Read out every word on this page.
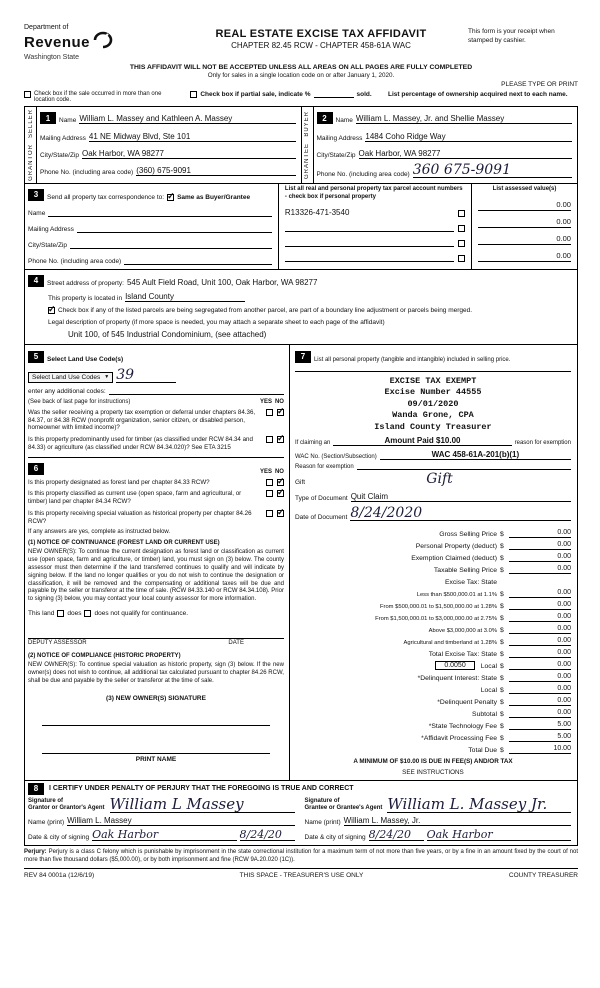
Department of
Revenue
Washington State
REAL ESTATE EXCISE TAX AFFIDAVIT
CHAPTER 82.45 RCW - CHAPTER 458-61A WAC
This form is your receipt when stamped by cashier.
THIS AFFIDAVIT WILL NOT BE ACCEPTED UNLESS ALL AREAS ON ALL PAGES ARE FULLY COMPLETED
Only for sales in a single location code on or after January 1, 2020.
PLEASE TYPE OR PRINT
Check box if the sale occurred in more than one location code.
Check box if partial sale, indicate %	sold.	List percentage of ownership acquired next to each name.
SELLER
GRANTOR
1	Name William L. Massey and Kathleen A. Massey
Mailing Address 41 NE Midway Blvd, Ste 101
City/State/Zip Oak Harbor, WA 98277
Phone No. (including area code) (360) 675-9091
BUYER
GRANTEE
2	Name William L. Massey, Jr. and Shellie Massey
Mailing Address 1484 Coho Ridge Way
City/State/Zip Oak Harbor, WA 98277
Phone No. (including area code) 360 675-9091
3	Send all property tax correspondence to: ✓ Same as Buyer/Grantee
Name
Mailing Address
City/State/Zip
Phone No. (including area code)
List all real and personal property tax parcel account numbers - check box if personal property
R13326-471-3540
List assessed value(s)
0.00
0.00
0.00
0.00
4	Street address of property: 545 Ault Field Road, Unit 100, Oak Harbor, WA 98277
This property is located in Island County
✓
Check box if any of the listed parcels are being segregated from another parcel, are part of a boundary line adjustment or parcels being merged.
Legal description of property (if more space is needed, you may attach a separate sheet to each page of the affidavit)
Unit 100, of 545 Industrial Condominium, (see attached)
5	Select Land Use Code(s)
Select Land Use Codes ▼ 39
enter any additional codes:
(See back of last page for instructions)	YES NO
Was the seller receiving a property tax exemption or deferral under chapters 84.36, 84.37, or 84.38 RCW (nonprofit organization, senior citizen, or disabled person, homeowner with limited income)?
✓
Is this property predominantly used for timber (as classified under RCW 84.34 and 84.33) or agriculture (as classified under RCW 84.34.020)? See ETA 3215
✓
6	YES NO
Is this property designated as forest land per chapter 84.33 RCW?
✓
Is this property classified as current use (open space, farm and agricultural, or timber) land per chapter 84.34 RCW?
✓
Is this property receiving special valuation as historical property per chapter 84.26 RCW?
✓
If any answers are yes, complete as instructed below.
(1) NOTICE OF CONTINUANCE (FOREST LAND OR CURRENT USE)
NEW OWNER(S): To continue the current designation as forest land or classification as current use (open space, farm and agriculture, or timber) land, you must sign on (3) below. The county assessor must then determine if the land transferred continues to qualify and will indicate by signing below. If the land no longer qualifies or you do not wish to continue the designation or classification, it will be removed and the compensating or additional taxes will be due and payable by the seller or transferor at the time of sale. (RCW 84.33.140 or RCW 84.34.108). Prior to signing (3) below, you may contact your local county assessor for more information.
This land does does not qualify for continuance.
DEPUTY ASSESSOR	DATE
(2) NOTICE OF COMPLIANCE (HISTORIC PROPERTY)
NEW OWNER(S): To continue special valuation as historic property, sign (3) below. If the new owner(s) does not wish to continue, all additional tax calculated pursuant to chapter 84.26 RCW, shall be due and payable by the seller or transferor at the time of sale.
(3) NEW OWNER(S) SIGNATURE
PRINT NAME
7	List all personal property (tangible and intangible) included in selling price.
EXCISE TAX EXEMPT
Excise Number 44555
09/01/2020
Wanda Grone, CPA
Island County Treasurer
If claiming an	Amount Paid $10.00	reason for exemption
WAC No. (Section/Subsection)	WAC 458-61A-201(b)(1)
Reason for exemption
Gift	Gift
Type of Document Quit Claim
Date of Document 8/24/2020
Gross Selling Price $	0.00
Personal Property (deduct) $	0.00
Exemption Claimed (deduct) $	0.00
Taxable Selling Price $	0.00
Excise Tax: State
Less than $500,000.01 at 1.1% $	0.00
From $500,000.01 to $1,500,000.00 at 1.28% $	0.00
From $1,500,000.01 to $3,000,000.00 at 2.75% $	0.00
Above $3,000,000 at 3.0% $	0.00
Agricultural and timberland at 1.28% $	0.00
Total Excise Tax: State $	0.00
0.0050	Local $	0.00
*Delinquent Interest: State $	0.00
Local $	0.00
*Delinquent Penalty $	0.00
Subtotal $	0.00
*State Technology Fee $	5.00
*Affidavit Processing Fee $	5.00
Total Due $	10.00
A MINIMUM OF $10.00 IS DUE IN FEE(S) AND/OR TAX
SEE INSTRUCTIONS
8	I CERTIFY UNDER PENALTY OF PERJURY THAT THE FOREGOING IS TRUE AND CORRECT
Signature of
Grantor or Grantor's Agent William L Massey
Name (print) William L. Massey
Date & city of signing Oak Harbor	8/24/20
Signature of
Grantee or Grantee's Agent William L. Massey Jr.
Name (print) William L. Massey, Jr.
Date & city of signing 8/24/20	Oak Harbor
Perjury: Perjury is a class C felony which is punishable by imprisonment in the state correctional institution for a maximum term of not more than five years, or by a fine in an amount fixed by the court of not more than five thousand dollars ($5,000.00), or by both imprisonment and fine (RCW 9A.20.020 (1C)).
REV 84 0001a (12/6/19)	THIS SPACE - TREASURER'S USE ONLY	COUNTY TREASURER
